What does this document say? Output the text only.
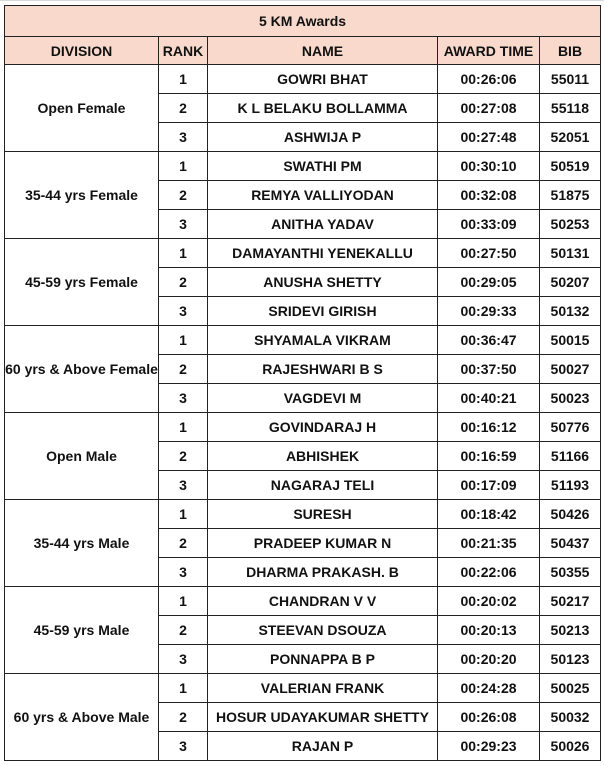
5 KM Awards				
DIVISION	RANK	NAME	AWARD TIME	BIB
Open Female	1	GOWRI BHAT	00:26:06	55011
	2	K L BELAKU BOLLAMMA	00:27:08	55118
	3	ASHWIJA P	00:27:48	52051
35-44 yrs Female	1	SWATHI PM	00:30:10	50519
	2	REMYA VALLIYODAN	00:32:08	51875
	3	ANITHA YADAV	00:33:09	50253
45-59 yrs Female	1	DAMAYANTHI YENEKALLU	00:27:50	50131
	2	ANUSHA SHETTY	00:29:05	50207
	3	SRIDEVI GIRISH	00:29:33	50132
60 yrs & Above Female	1	SHYAMALA VIKRAM	00:36:47	50015
	2	RAJESHWARI B S	00:37:50	50027
	3	VAGDEVI M	00:40:21	50023
Open Male	1	GOVINDARAJ H	00:16:12	50776
	2	ABHISHEK	00:16:59	51166
	3	NAGARAJ TELI	00:17:09	51193
35-44 yrs Male	1	SURESH	00:18:42	50426
	2	PRADEEP KUMAR N	00:21:35	50437
	3	DHARMA PRAKASH. B	00:22:06	50355
45-59 yrs Male	1	CHANDRAN V V	00:20:02	50217
	2	STEEVAN DSOUZA	00:20:13	50213
	3	PONNAPPA B P	00:20:20	50123
60 yrs & Above Male	1	VALERIAN FRANK	00:24:28	50025
	2	HOSUR UDAYAKUMAR SHETTY	00:26:08	50032
	3	RAJAN P	00:29:23	50026
